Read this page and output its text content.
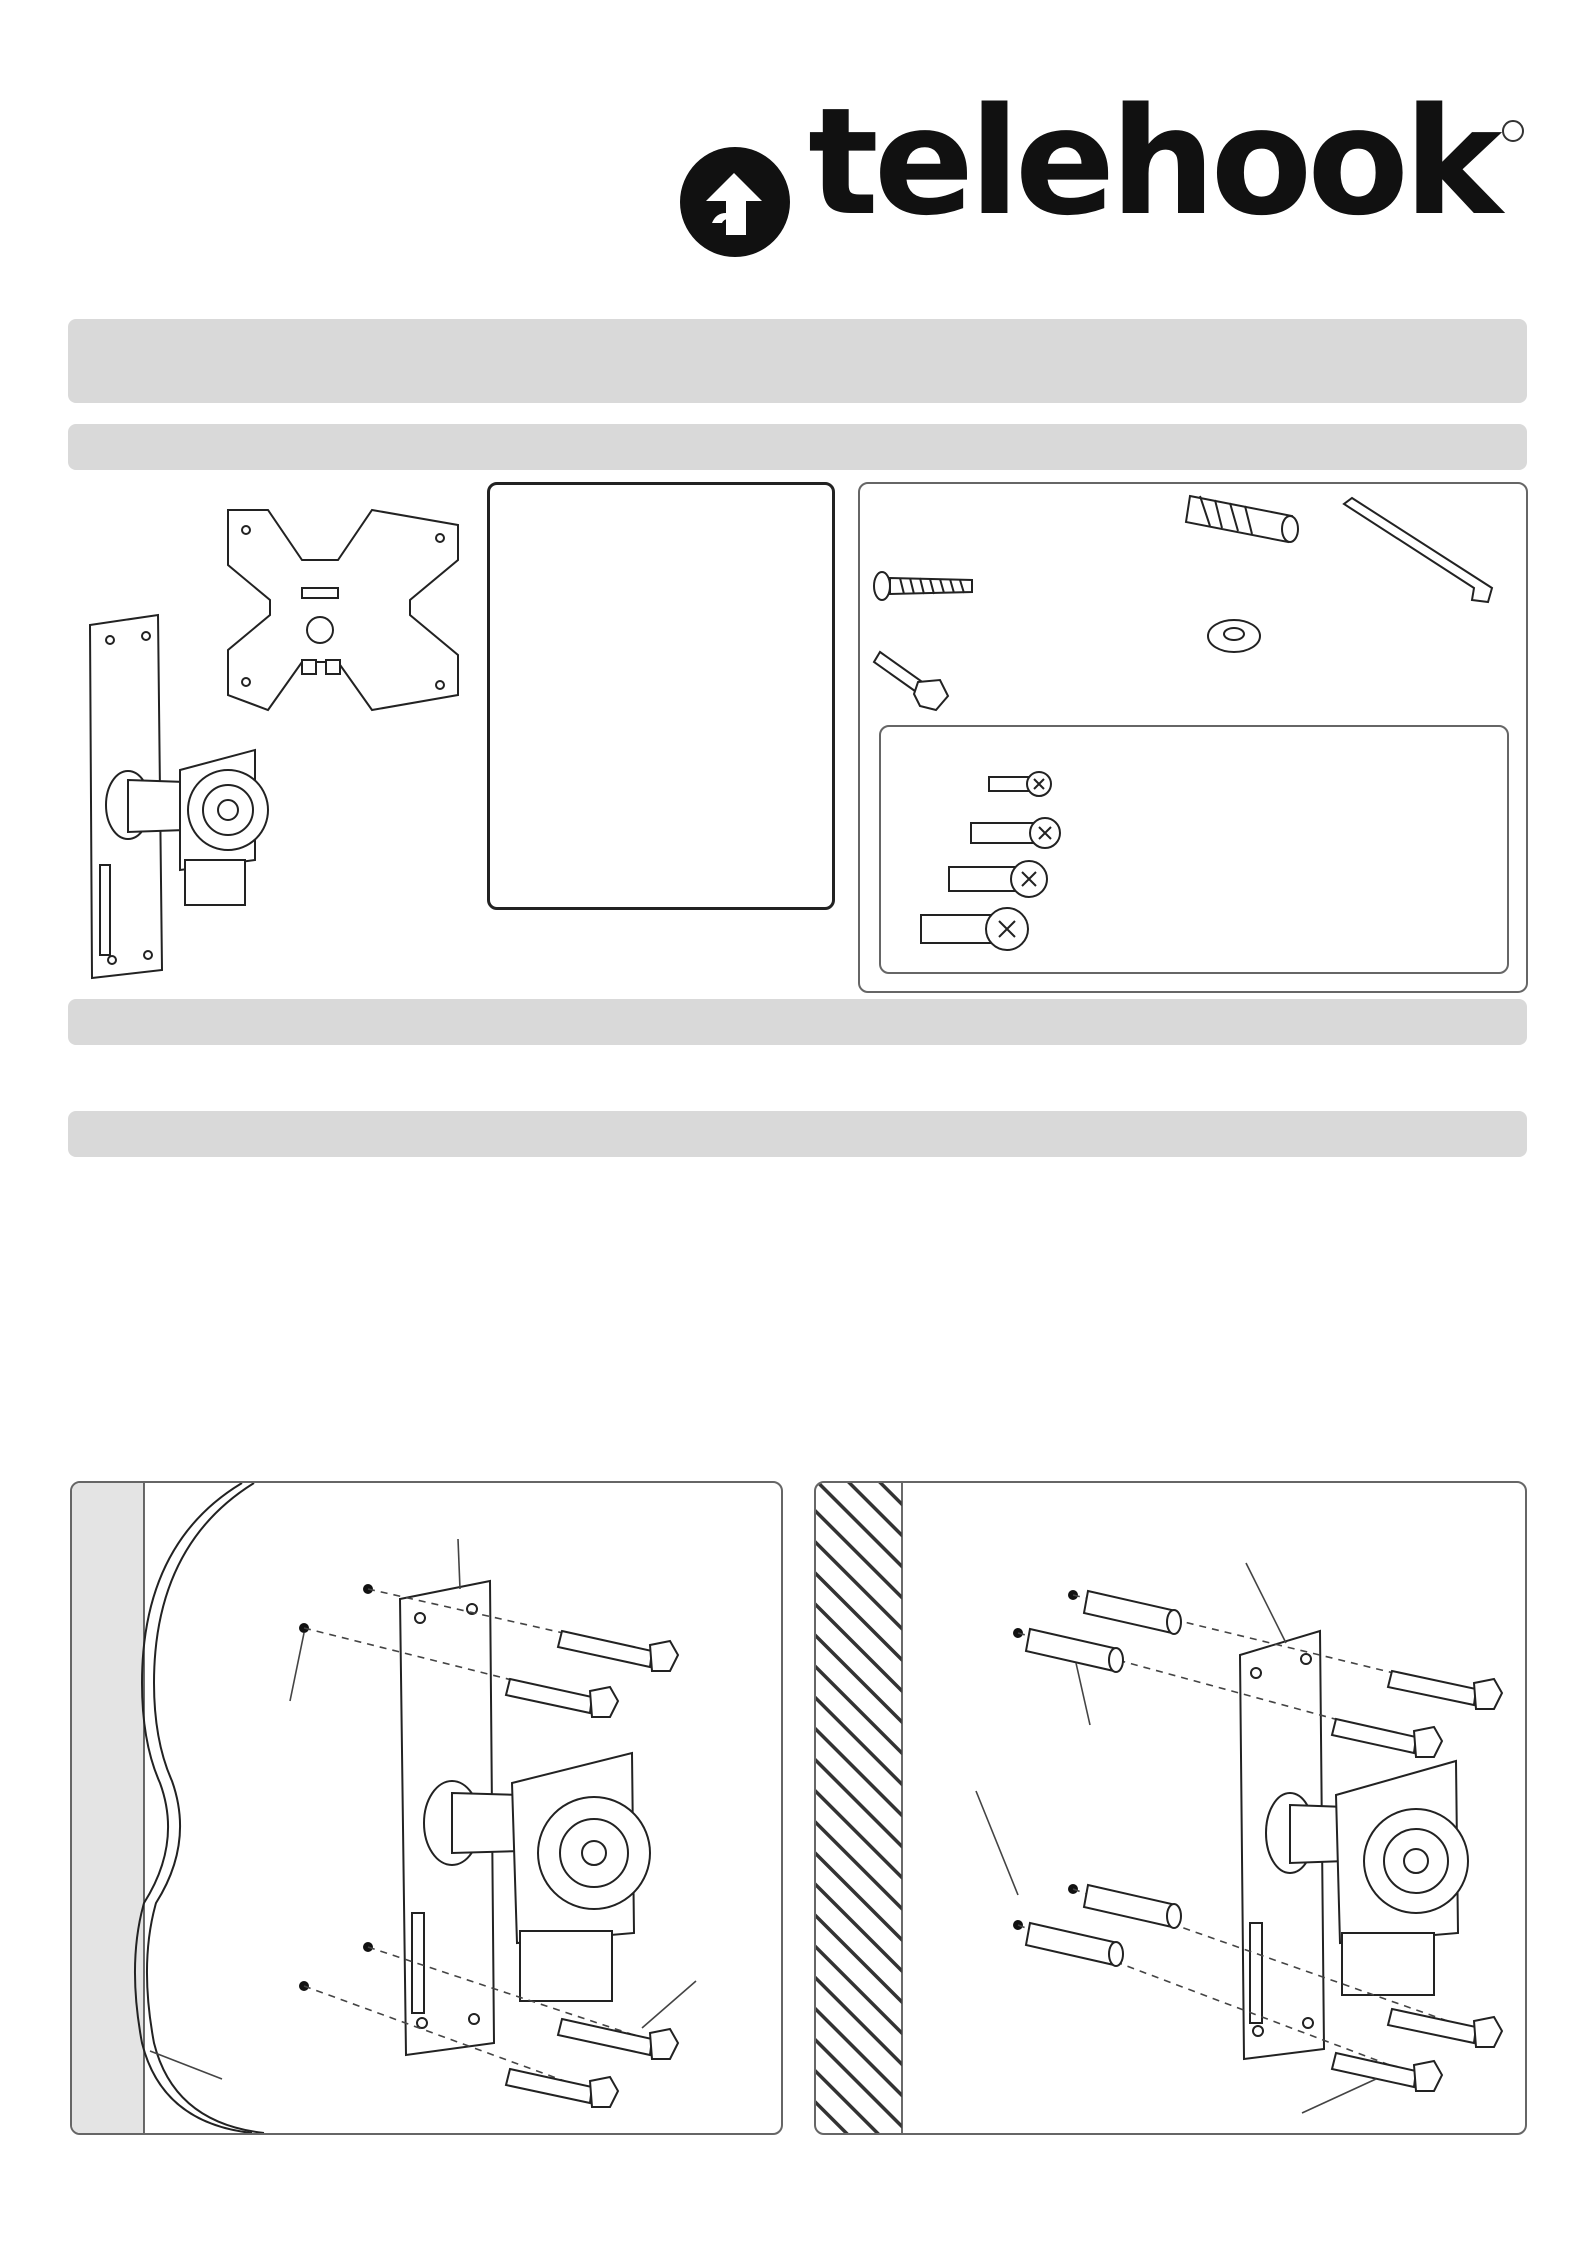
telehook
